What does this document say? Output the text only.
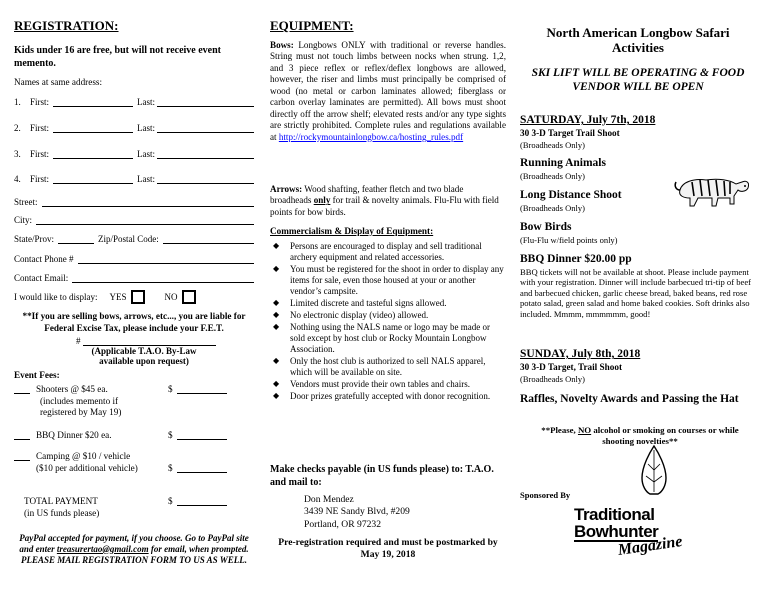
REGISTRATION:
Kids under 16 are free, but will not receive event memento.
Names at same address:
1.	First:	Last:
2.	First:	Last:
3.	First:	Last:
4.	First:	Last:
Street:
City:
State/Prov:	Zip/Postal Code:
Contact Phone #
Contact Email:
I would like to display: YES	NO
**If you are selling bows, arrows, etc..., you are liable for Federal Excise Tax, please include your F.E.T.
#
(Applicable T.A.O. By-Law available upon request)
Event Fees:
Shooters @ $45 ea.	$
(includes memento if
registered by May 19)
BBQ Dinner $20 ea.	$
Camping @ $10 / vehicle
($10 per additional vehicle)	$
TOTAL PAYMENT	$
(in US funds please)
PayPal accepted for payment, if you choose. Go to PayPal site and enter treasurertao@gmail.com for email, when prompted. PLEASE MAIL REGISTRATION FORM TO US AS WELL.
EQUIPMENT:
Bows: Longbows ONLY with traditional or reverse handles. String must not touch limbs between nocks when strung. 1,2, and 3 piece reflex or reflex/deflex longbows are allowed, however, the riser and limbs must principally be comprised of wood (no metal or carbon laminates allowed; fiberglass or carbon overlay laminates are permitted). All bows must shoot directly off the arrow shelf; elevated rests and/or any type sights are strictly prohibited. Complete rules and regulations available at http://rockymountainlongbow.ca/hosting_rules.pdf
Arrows: Wood shafting, feather fletch and two blade broadheads only for trail & novelty animals. Flu-Flu with field points for bow birds.
Commercialism & Display of Equipment:
◆ Persons are encouraged to display and sell traditional archery equipment and related accessories.
◆ You must be registered for the shoot in order to display any items for sale, even those housed at your or another vendor’s campsite.
◆ Limited discrete and tasteful signs allowed.
◆ No electronic display (video) allowed.
◆ Nothing using the NALS name or logo may be made or sold except by host club or Rocky Mountain Longbow Association.
◆ Only the host club is authorized to sell NALS apparel, which will be available on site.
◆ Vendors must provide their own tables and chairs.
◆ Door prizes gratefully accepted with donor recognition.
Make checks payable (in US funds please) to: T.A.O. and mail to:
Don Mendez
3439 NE Sandy Blvd, #209
Portland, OR 97232
Pre-registration required and must be postmarked by May 19, 2018
North American Longbow Safari Activities
SKI LIFT WILL BE OPERATING & FOOD VENDOR WILL BE OPEN
SATURDAY, July 7th, 2018
30 3-D Target Trail Shoot
(Broadheads Only)
Running Animals
(Broadheads Only)
Long Distance Shoot
(Broadheads Only)
Bow Birds
(Flu-Flu w/field points only)
BBQ Dinner $20.00 pp
BBQ tickets will not be available at shoot. Please include payment with your registration. Dinner will include barbecued tri-tip of beef and barbecued chicken, garlic cheese bread, baked beans, red rose potato salad, green salad and home baked cookies. Soft drinks also included. Mmmm, mmmmmm, good!
SUNDAY, July 8th, 2018
30 3-D Target, Trail Shoot
(Broadheads Only)
Raffles, Novelty Awards and Passing the Hat
**Please, NO alcohol or smoking on courses or while shooting novelties**
Sponsored By
Traditional
Bowhunter
Magazine
